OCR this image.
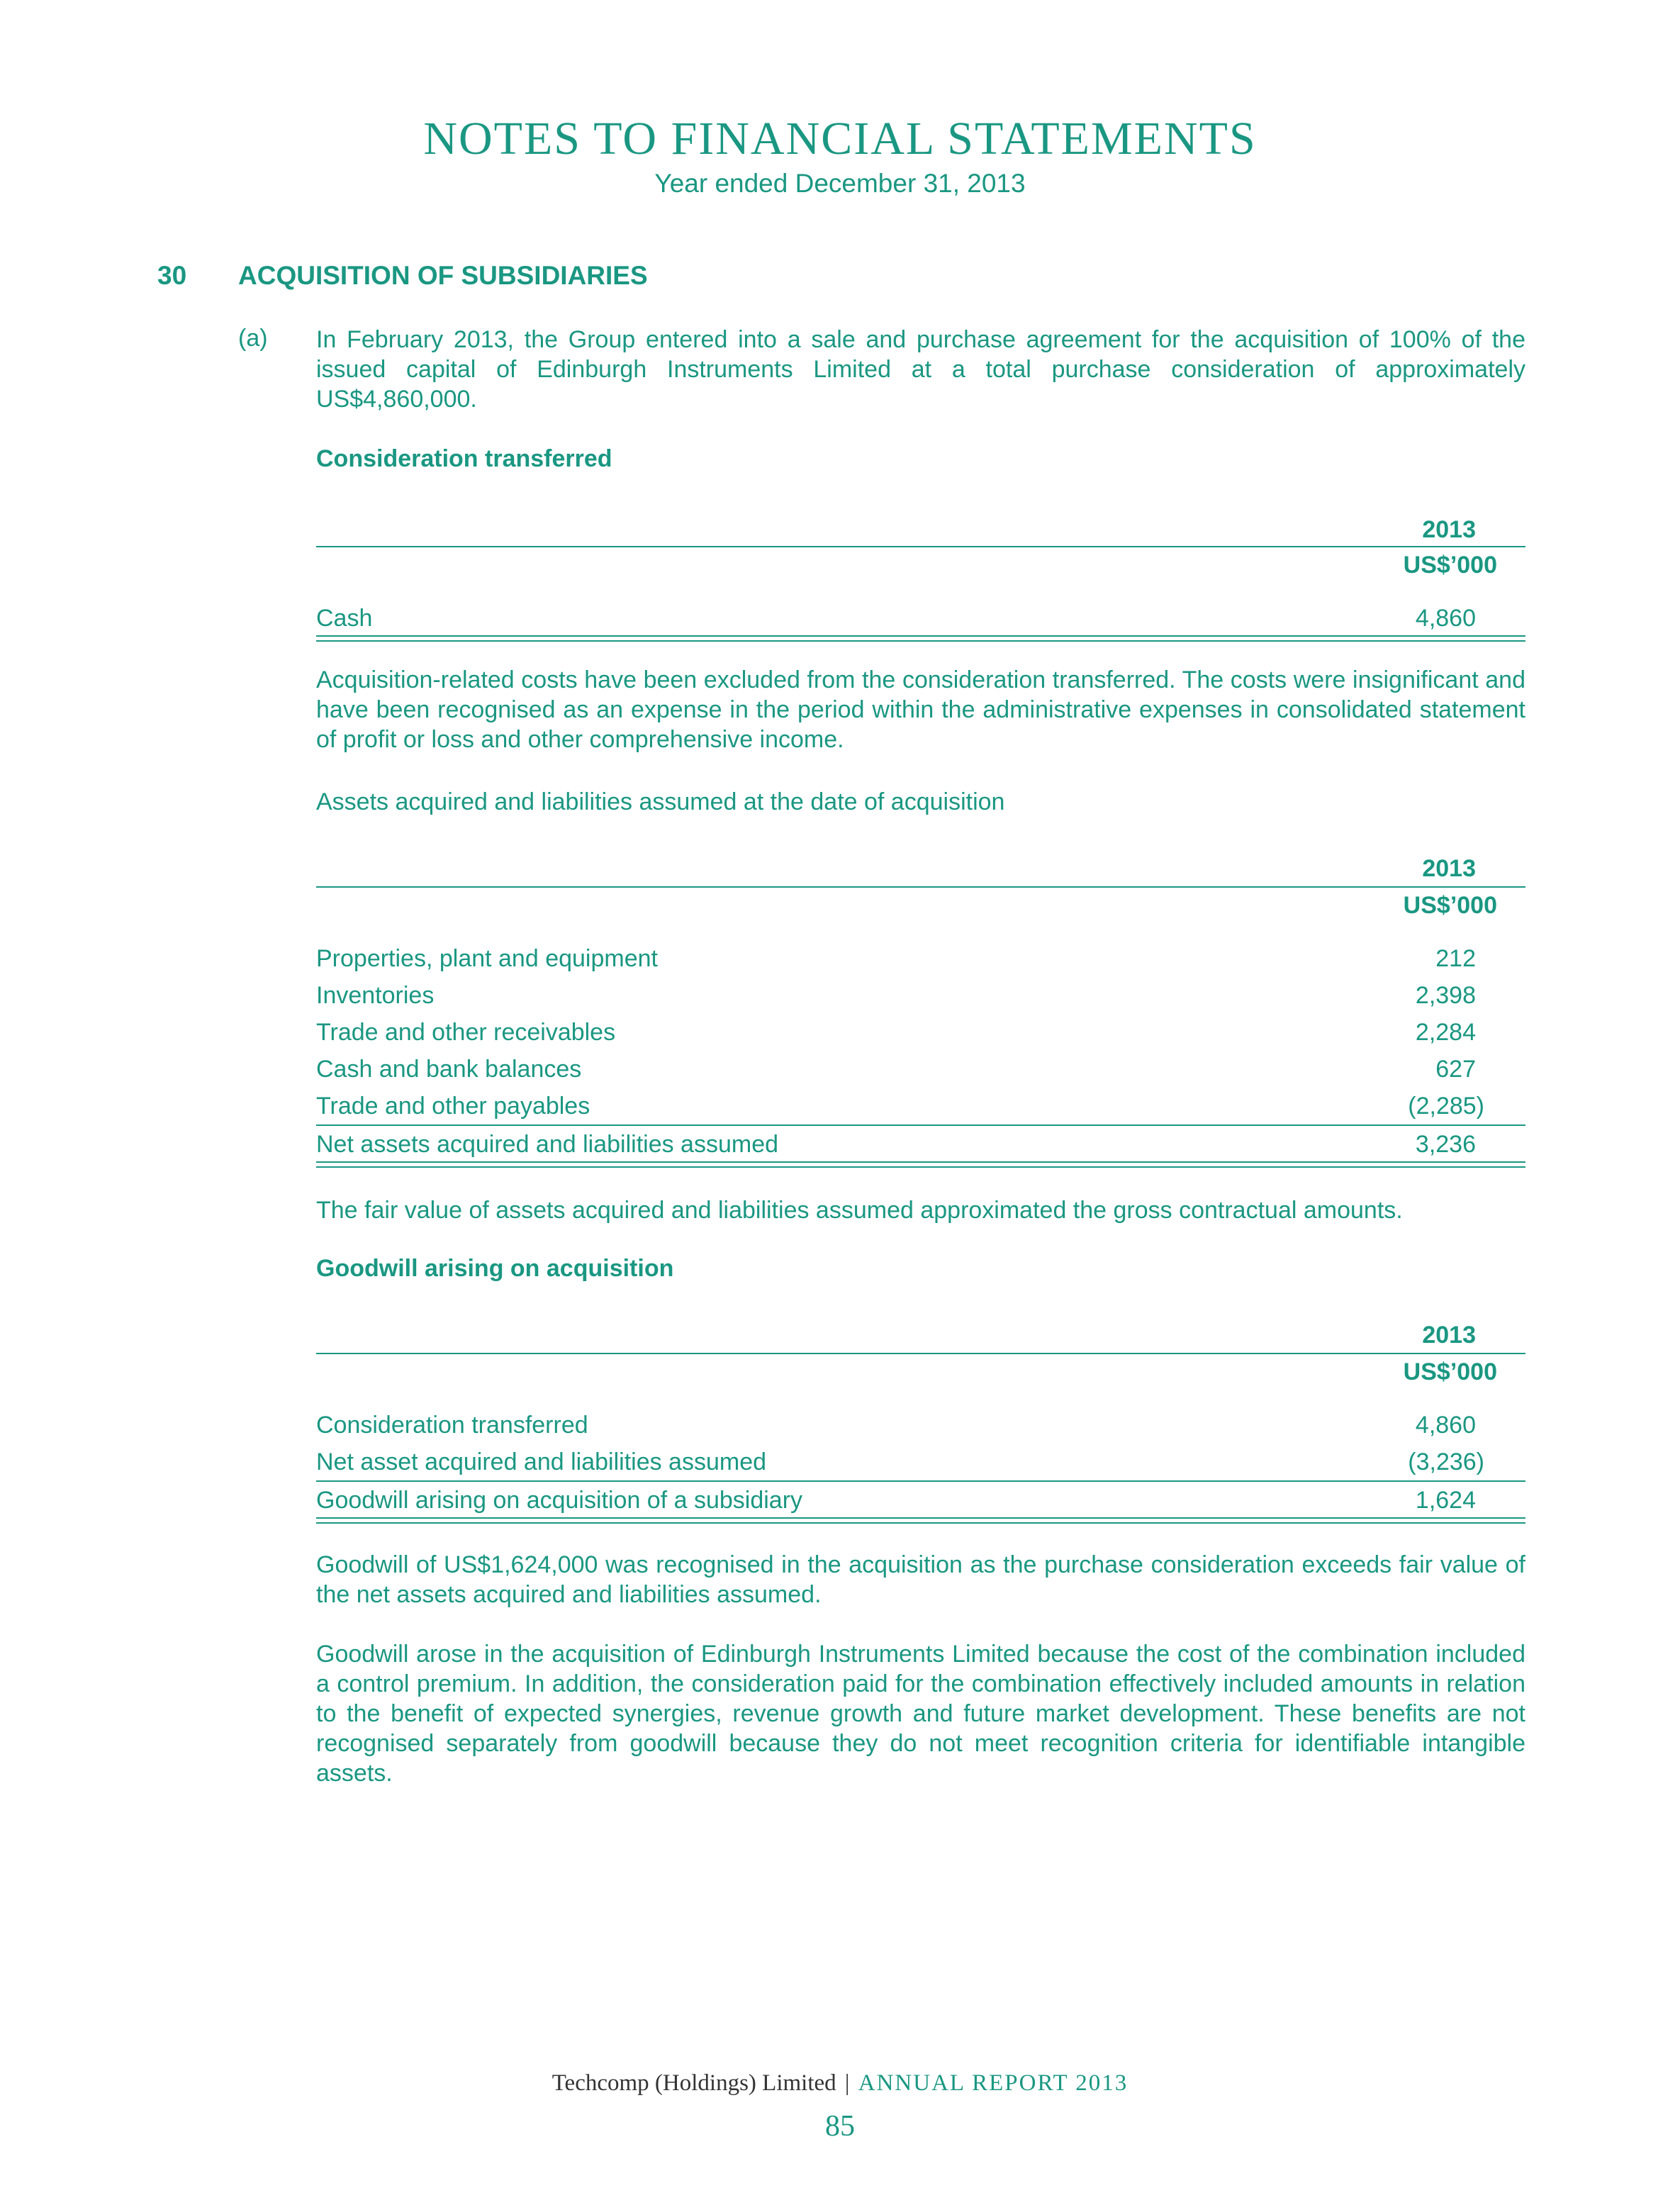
NOTES TO FINANCIAL STATEMENTS
Year ended December 31, 2013
30 ACQUISITION OF SUBSIDIARIES
(a) In February 2013, the Group entered into a sale and purchase agreement for the acquisition of 100% of the issued capital of Edinburgh Instruments Limited at a total purchase consideration of approximately US$4,860,000.
Consideration transferred
2013
US$’000
Cash	4,860
Acquisition-related costs have been excluded from the consideration transferred. The costs were insignificant and have been recognised as an expense in the period within the administrative expenses in consolidated statement of profit or loss and other comprehensive income.
Assets acquired and liabilities assumed at the date of acquisition
2013
US$’000
Properties, plant and equipment	212
Inventories	2,398
Trade and other receivables	2,284
Cash and bank balances	627
Trade and other payables	(2,285)
Net assets acquired and liabilities assumed	3,236
The fair value of assets acquired and liabilities assumed approximated the gross contractual amounts.
Goodwill arising on acquisition
2013
US$’000
Consideration transferred	4,860
Net asset acquired and liabilities assumed	(3,236)
Goodwill arising on acquisition of a subsidiary	1,624
Goodwill of US$1,624,000 was recognised in the acquisition as the purchase consideration exceeds fair value of the net assets acquired and liabilities assumed.
Goodwill arose in the acquisition of Edinburgh Instruments Limited because the cost of the combination included a control premium. In addition, the consideration paid for the combination effectively included amounts in relation to the benefit of expected synergies, revenue growth and future market development. These benefits are not recognised separately from goodwill because they do not meet recognition criteria for identifiable intangible assets.
Techcomp (Holdings) Limited | ANNUAL REPORT 2013
85
